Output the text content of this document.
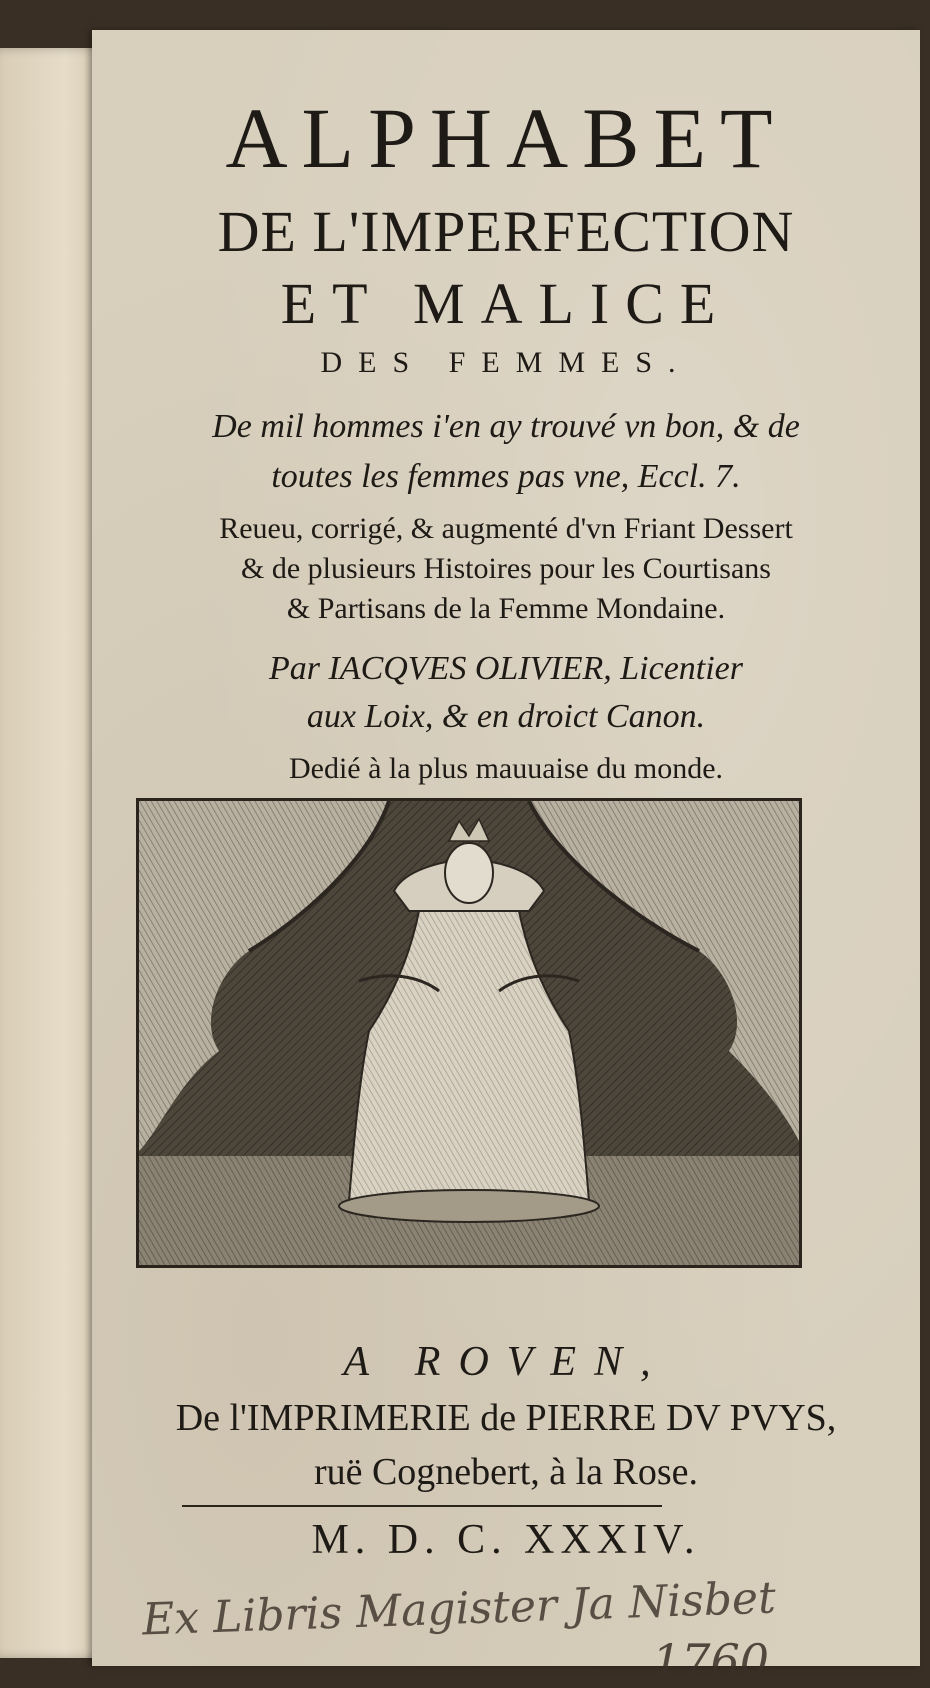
ALPHABET
DE L'IMPERFECTION
ET MALICE
DES FEMMES.
De mil hommes i'en ay trouvé vn bon, & de
toutes les femmes pas vne, Eccl. 7.
Reueu, corrigé, & augmenté d'vn Friant Dessert
& de plusieurs Histoires pour les Courtisans
& Partisans de la Femme Mondaine.
Par IACQVES OLIVIER, Licentier
aux Loix, & en droict Canon.
Dedié à la plus mauuaise du monde.
A ROVEN,
De l'IMPRIMERIE de PIERRE DV PVYS,
ruë Cognebert, à la Rose.
M. D. C. XXXIV.
Ex Libris Magister Ja Nisbet
1760
